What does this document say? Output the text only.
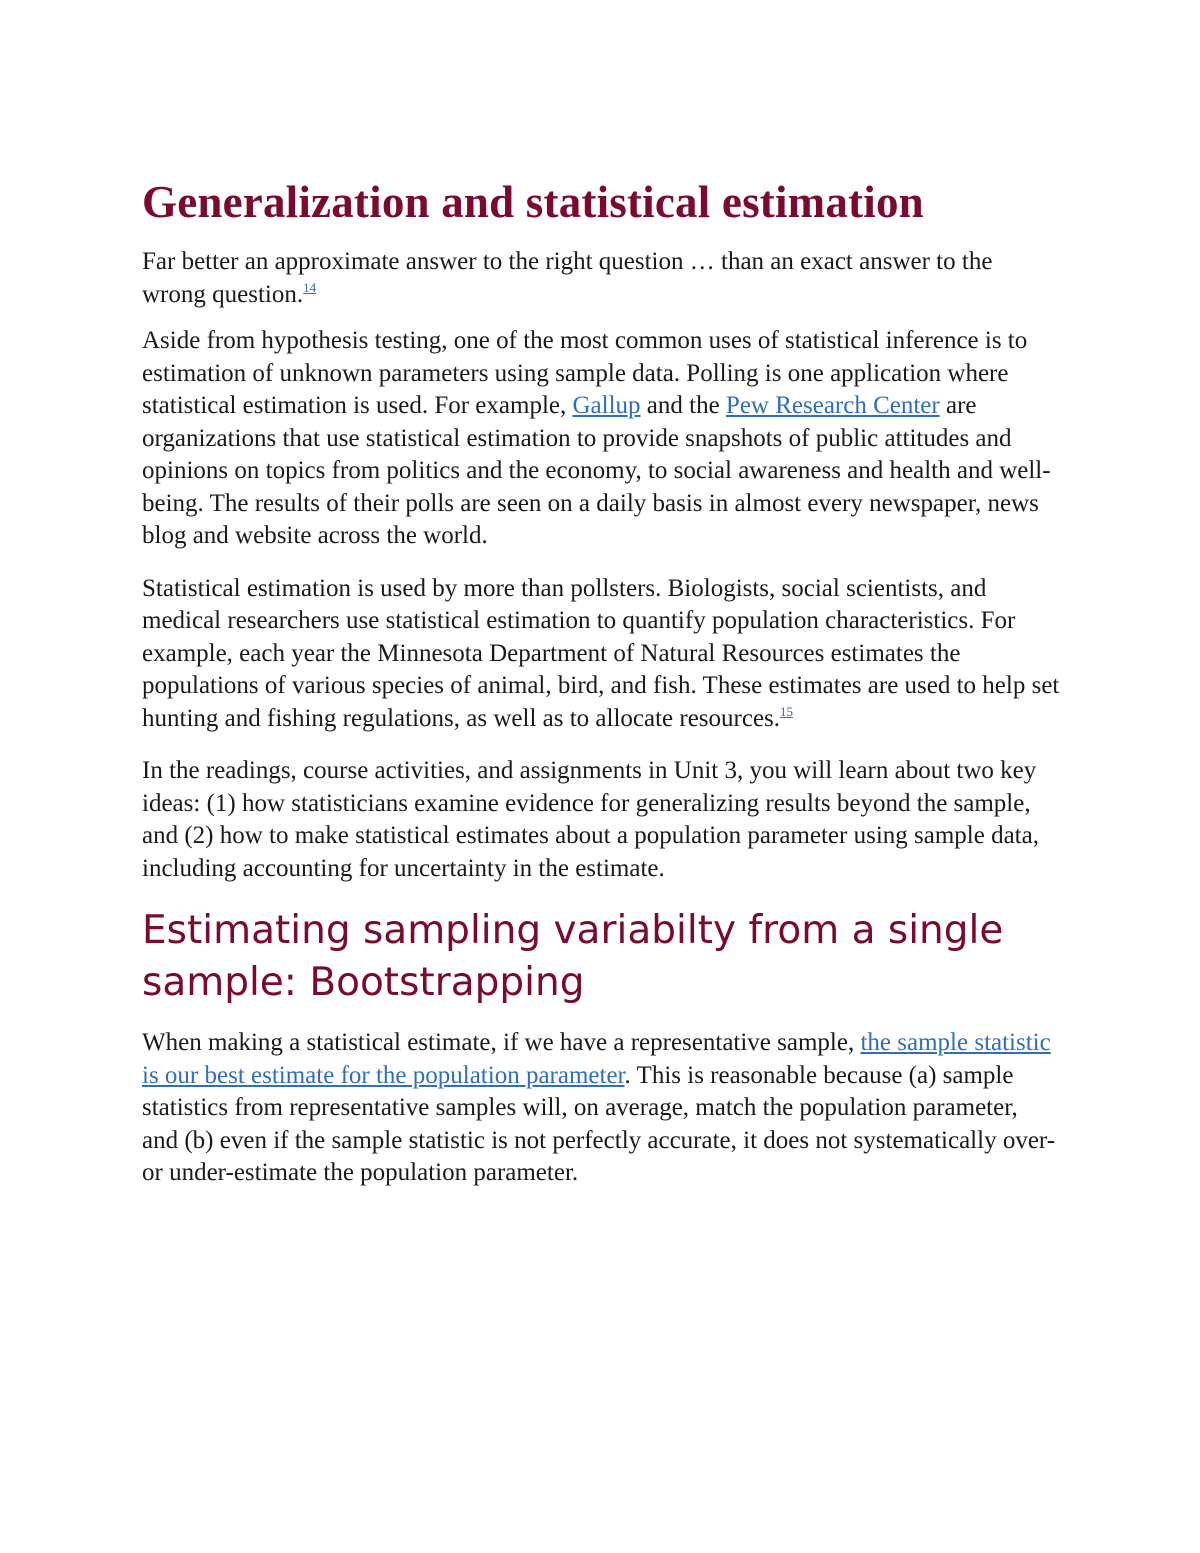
Generalization and statistical estimation

Far better an approximate answer to the right question … than an exact answer to the wrong question.$^{14}$

Aside from hypothesis testing, one of the most common uses of statistical inference is to estimation of unknown parameters using sample data. Polling is one application where statistical estimation is used. For example, Gallup and the Pew Research Center are organizations that use statistical estimation to provide snapshots of public attitudes and opinions on topics from politics and the economy, to social awareness and health and well-being. The results of their polls are seen on a daily basis in almost every newspaper, news blog and website across the world.

Statistical estimation is used by more than pollsters. Biologists, social scientists, and medical researchers use statistical estimation to quantify population characteristics. For example, each year the Minnesota Department of Natural Resources estimates the populations of various species of animal, bird, and fish. These estimates are used to help set hunting and fishing regulations, as well as to allocate resources.$^{15}$

In the readings, course activities, and assignments in Unit 3, you will learn about two key ideas: (1) how statisticians examine evidence for generalizing results beyond the sample, and (2) how to make statistical estimates about a population parameter using sample data, including accounting for uncertainty in the estimate.

Estimating sampling variabilty from a single sample: Bootstrapping

When making a statistical estimate, if we have a representative sample, the sample statistic is our best estimate for the population parameter. This is reasonable because (a) sample statistics from representative samples will, on average, match the population parameter, and (b) even if the sample statistic is not perfectly accurate, it does not systematically over- or under-estimate the population parameter.
